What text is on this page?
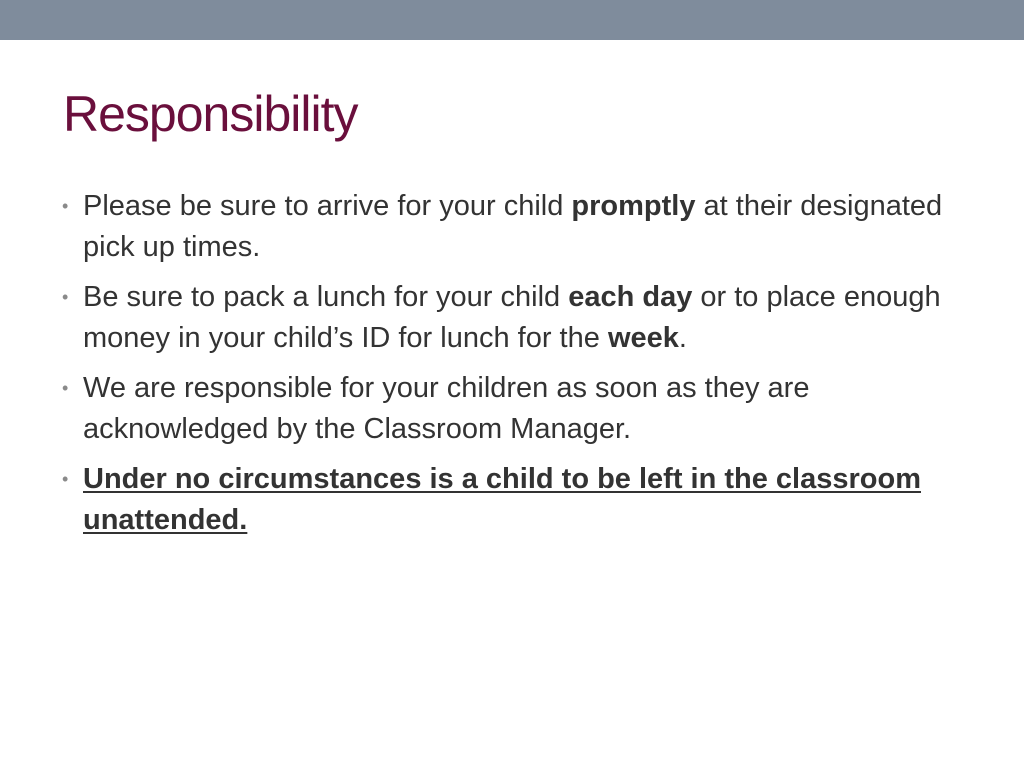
Responsibility
• Please be sure to arrive for your child promptly at their designated pick up times.
• Be sure to pack a lunch for your child each day or to place enough money in your child’s ID for lunch for the week.
• We are responsible for your children as soon as they are acknowledged by the Classroom Manager.
• Under no circumstances is a child to be left in the classroom unattended.
